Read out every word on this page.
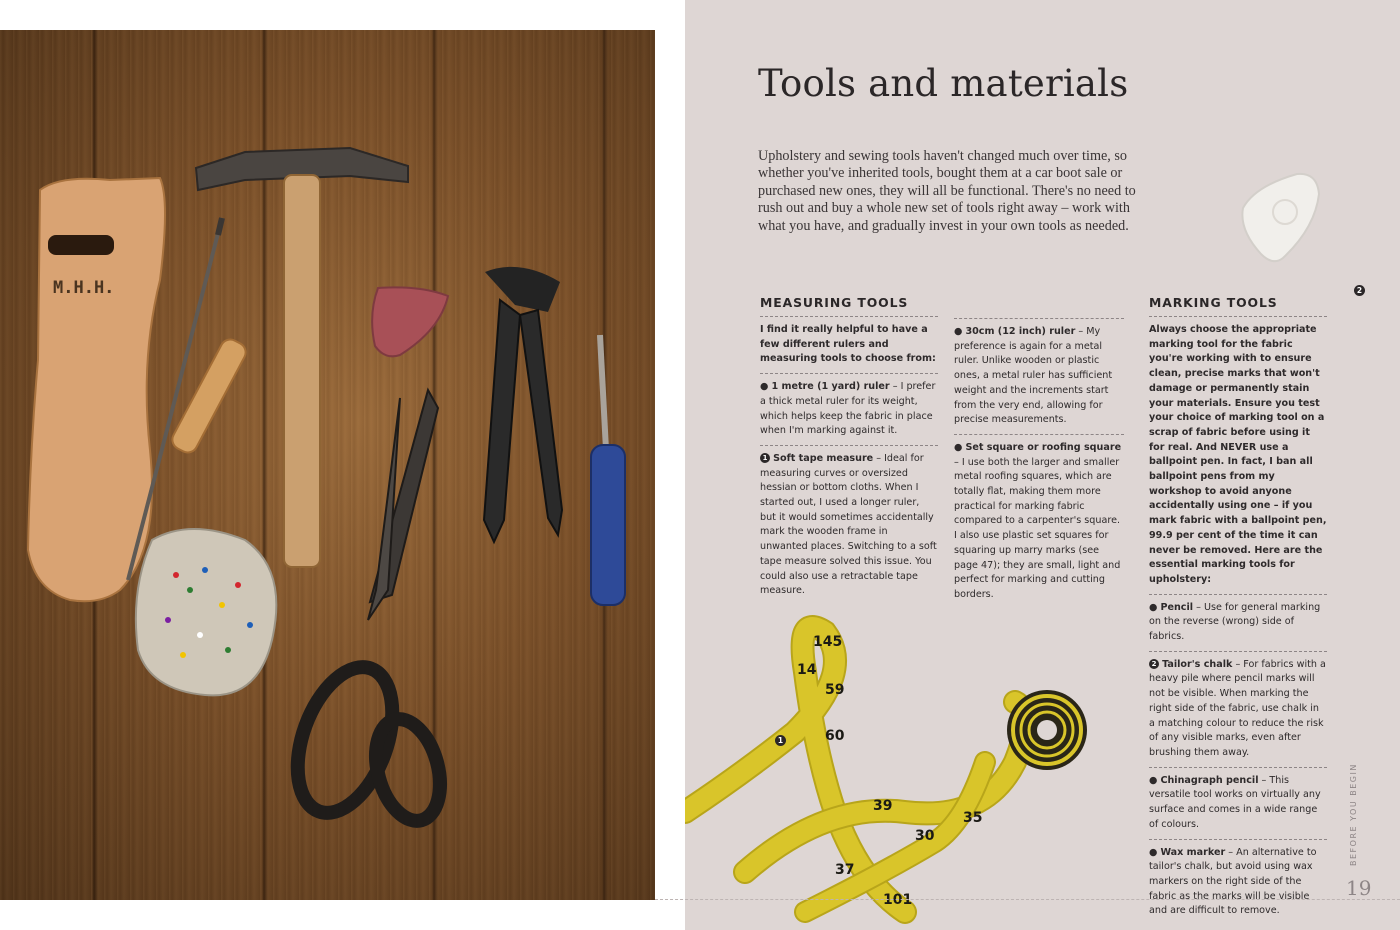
M.H.H.
Tools and materials

Upholstery and sewing tools haven't changed much over time, so whether you've inherited tools, bought them at a car boot sale or purchased new ones, they will all be functional. There's no need to rush out and buy a whole new set of tools right away – work with what you have, and gradually invest in your own tools as needed.

2
MEASURING TOOLS

I find it really helpful to have a few different rulers and measuring tools to choose from:

● 1 metre (1 yard) ruler – I prefer a thick metal ruler for its weight, which helps keep the fabric in place when I'm marking against it.

1 Soft tape measure – Ideal for measuring curves or oversized hessian or bottom cloths. When I started out, I used a longer ruler, but it would sometimes accidentally mark the wooden frame in unwanted places. Switching to a soft tape measure solved this issue. You could also use a retractable tape measure.

● 30cm (12 inch) ruler – My preference is again for a metal ruler. Unlike wooden or plastic ones, a metal ruler has sufficient weight and the increments start from the very end, allowing for precise measurements.

● Set square or roofing square – I use both the larger and smaller metal roofing squares, which are totally flat, making them more practical for marking fabric compared to a carpenter's square. I also use plastic set squares for squaring up marry marks (see page 47); they are small, light and perfect for marking and cutting borders.

MARKING TOOLS

Always choose the appropriate marking tool for the fabric you're working with to ensure clean, precise marks that won't damage or permanently stain your materials. Ensure you test your choice of marking tool on a scrap of fabric before using it for real. And NEVER use a ballpoint pen. In fact, I ban all ballpoint pens from my workshop to avoid anyone accidentally using one – if you mark fabric with a ballpoint pen, 99.9 per cent of the time it can never be removed. Here are the essential marking tools for upholstery:

● Pencil – Use for general marking on the reverse (wrong) side of fabrics.

2 Tailor's chalk – For fabrics with a heavy pile where pencil marks will not be visible. When marking the right side of the fabric, use chalk in a matching colour to reduce the risk of any visible marks, even after brushing them away.

● Chinagraph pencil – This versatile tool works on virtually any surface and comes in a wide range of colours.

● Wax marker – An alternative to tailor's chalk, but avoid using wax markers on the right side of the fabric as the marks will be visible and are difficult to remove.

145
14
59
60
39
37
35
30
101
1
BEFORE YOU BEGIN
19
